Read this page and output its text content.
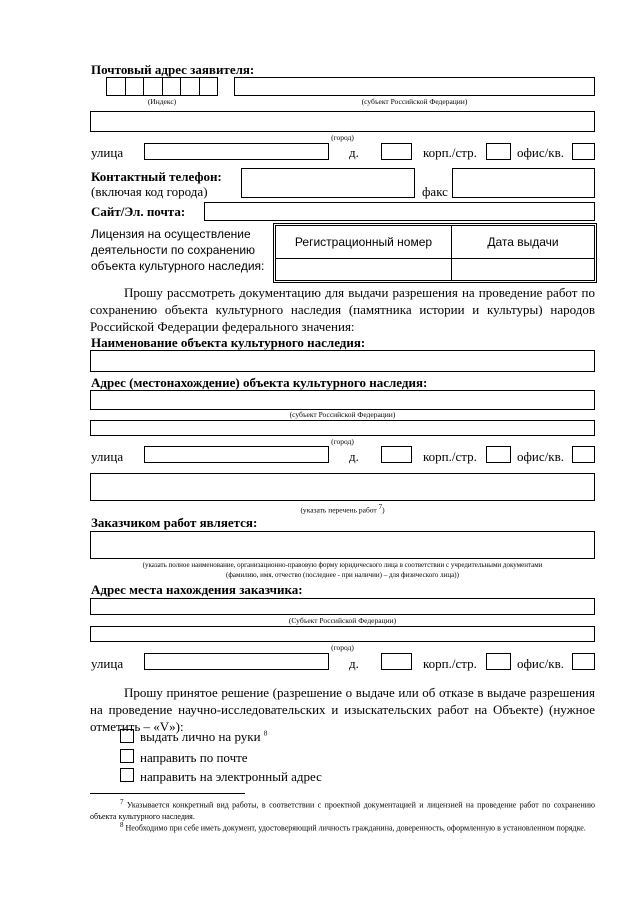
Почтовый адрес заявителя:
(Индекс)	(субъект Российской Федерации)
(город)
улица	д.	корп./стр.	офис/кв.
Контактный телефон:
(включая код города)	факс
Сайт/Эл. почта:
Лицензия на осуществление
деятельности по сохранению
объекта культурного наследия:
Регистрационный номер	Дата выдачи

Прошу рассмотреть документацию для выдачи разрешения на проведение работ по сохранению объекта культурного наследия (памятника истории и культуры) народов Российской Федерации федерального значения:
Наименование объекта культурного наследия:
Адрес (местонахождение) объекта культурного наследия:
(субъект Российской Федерации)
(город)
улица	д.	корп./стр.	офис/кв.
(указать перечень работ $^7$)
Заказчиком работ является:
(указать полное наименование, организационно-правовую форму юридического лица в соответствии с учредительными документами
(фамилию, имя, отчество (последнее - при наличии) – для физического лица))
Адрес места нахождения заказчика:
(Субъект Российской Федерации)
(город)
улица	д.	корп./стр.	офис/кв.
Прошу принятое решение (разрешение о выдаче или об отказе в выдаче разрешения на проведение научно-исследовательских и изыскательских работ на Объекте) (нужное отметить – «V»):
выдать лично на руки $^8$
направить по почте
направить на электронный адрес
$^7$ Указывается конкретный вид работы, в соответствии с проектной документацией и лицензией на проведение работ по сохранению объекта культурного наследия.
$^8$ Необходимо при себе иметь документ, удостоверяющий личность гражданина, доверенность, оформленную в установленном порядке.
